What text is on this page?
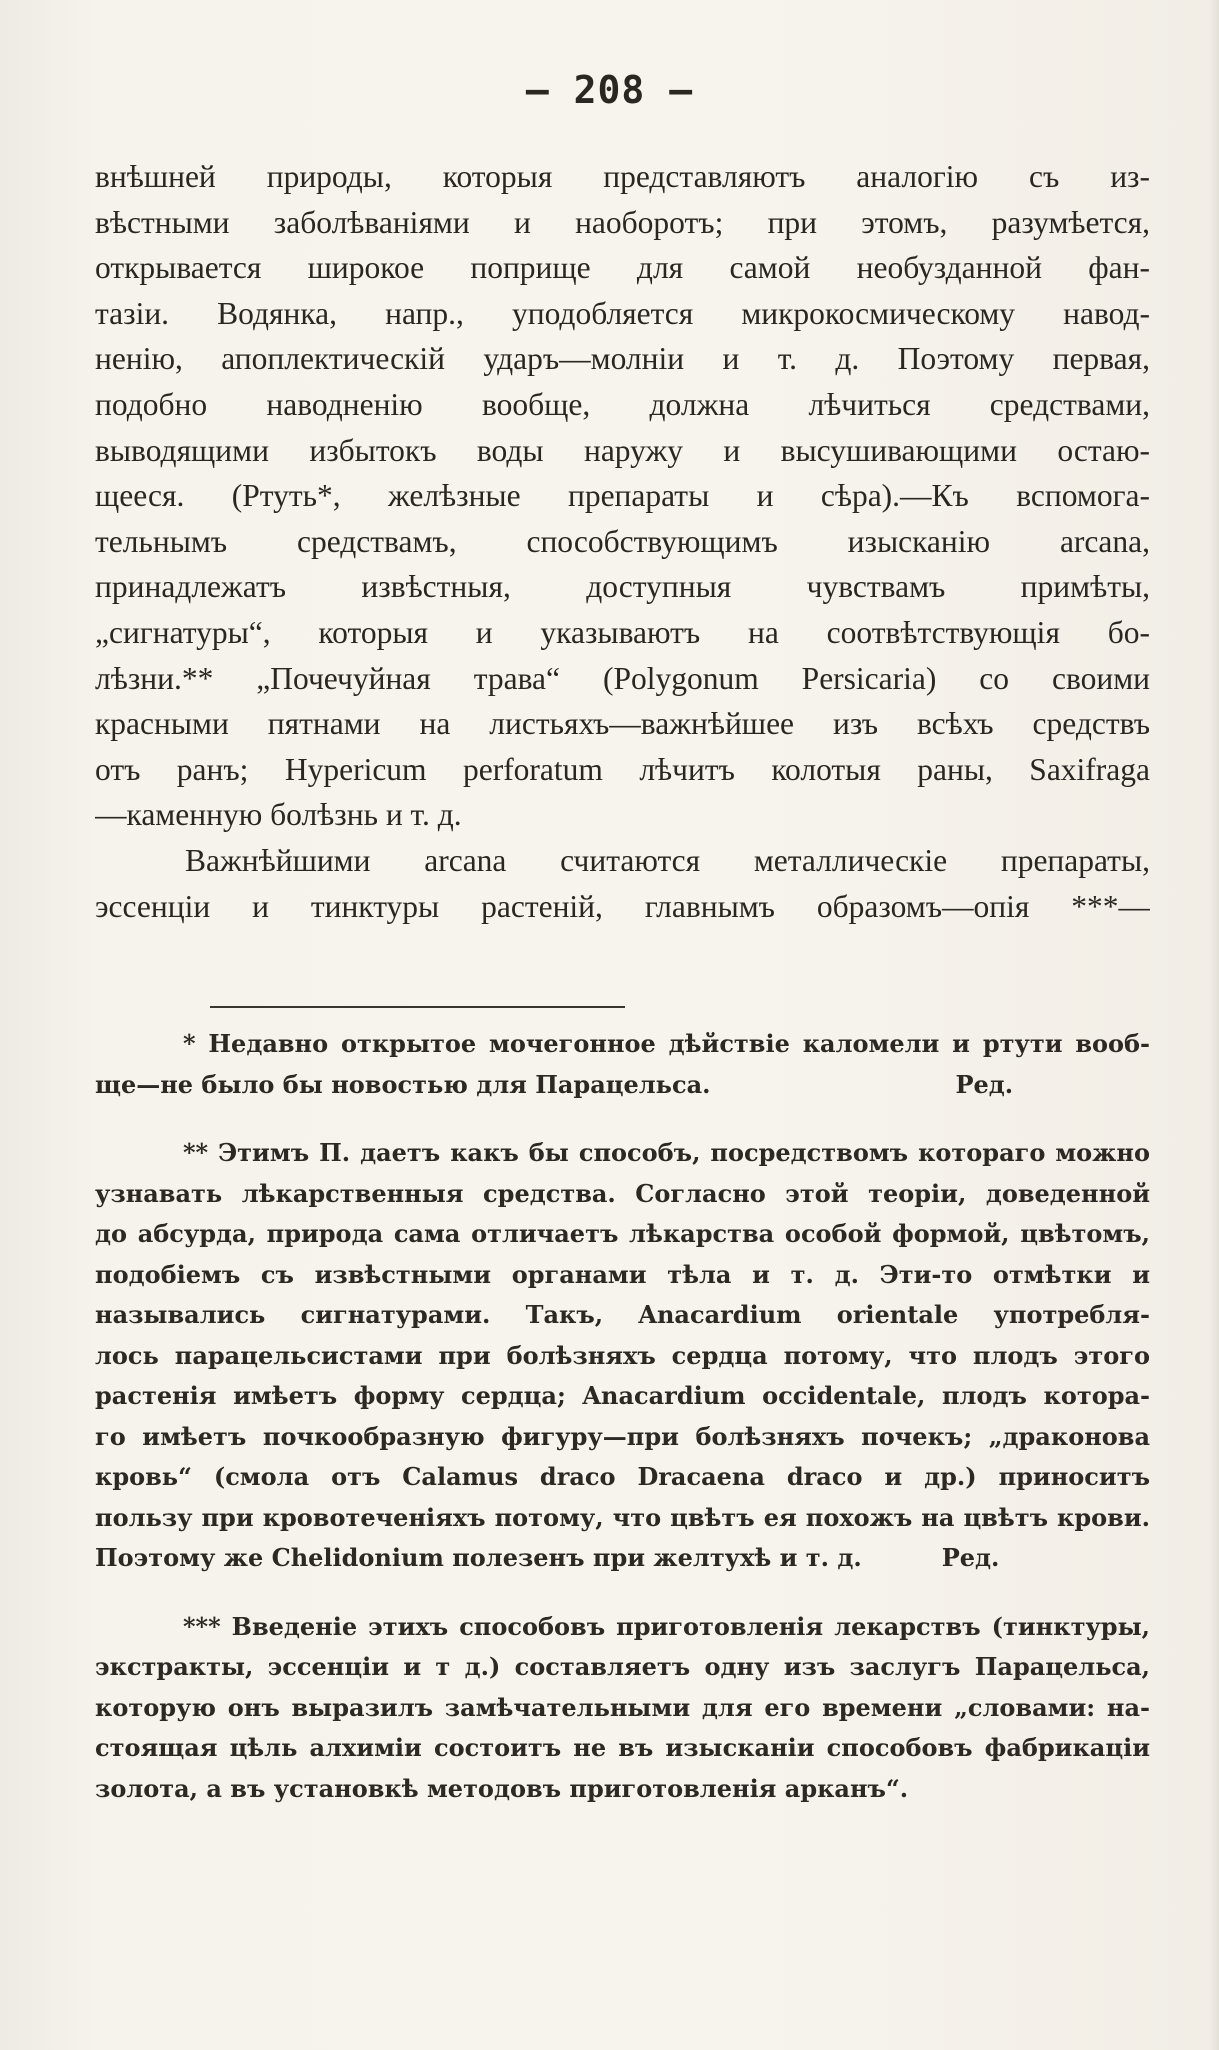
— 208 —
внѣшней природы, которыя представляютъ аналогію съ из-
вѣстными заболѣваніями и наоборотъ; при этомъ, разумѣется,
открывается широкое поприще для самой необузданной фан-
тазіи. Водянка, напр., уподобляется микрокосмическому навод-
ненію, апоплектическій ударъ—молніи и т. д. Поэтому первая,
подобно наводненію вообще, должна лѣчиться средствами,
выводящими избытокъ воды наружу и высушивающими остаю-
щееся. (Ртуть*, желѣзные препараты и сѣра).—Къ вспомога-
тельнымъ средствамъ, способствующимъ изысканію arcana,
принадлежатъ извѣстныя, доступныя чувствамъ примѣты,
„сигнатуры“, которыя и указываютъ на соотвѣтствующія бо-
лѣзни.** „Почечуйная трава“ (Polygonum Persicaria) со своими
красными пятнами на листьяхъ—важнѣйшее изъ всѣхъ средствъ
отъ ранъ; Hypericum perforatum лѣчитъ колотыя раны, Saxifraga
—каменную болѣзнь и т. д.
Важнѣйшими arcana считаются металлическіе препараты,
эссенціи и тинктуры растеній, главнымъ образомъ—опія ***—
* Недавно открытое мочегонное дѣйствіе каломели и ртути вооб-
ще—не было бы новостью для Парацельса.	Ред.
** Этимъ П. даетъ какъ бы способъ, посредствомъ котораго можно
узнавать лѣкарственныя средства. Согласно этой теоріи, доведенной
до абсурда, природа сама отличаетъ лѣкарства особой формой, цвѣтомъ,
подобіемъ съ извѣстными органами тѣла и т. д. Эти-то отмѣтки и
назывались сигнатурами. Такъ, Anacardium orientale употребля-
лось парацельсистами при болѣзняхъ сердца потому, что плодъ этого
растенія имѣетъ форму сердца; Anacardium occidentale, плодъ котора-
го имѣетъ почкообразную фигуру—при болѣзняхъ почекъ; „драконова
кровь“ (смола отъ Calamus draco Dracaena draco и др.) приноситъ
пользу при кровотеченіяхъ потому, что цвѣтъ ея похожъ на цвѣтъ крови.
Поэтому же Chelidonium полезенъ при желтухѣ и т. д.	Ред.
*** Введеніе этихъ способовъ приготовленія лекарствъ (тинктуры,
экстракты, эссенціи и т д.) составляетъ одну изъ заслугъ Парацельса,
которую онъ выразилъ замѣчательными для его времени „словами: на-
стоящая цѣль алхиміи состоитъ не въ изысканіи способовъ фабрикаціи
золота, а въ установкѣ методовъ приготовленія арканъ“.
